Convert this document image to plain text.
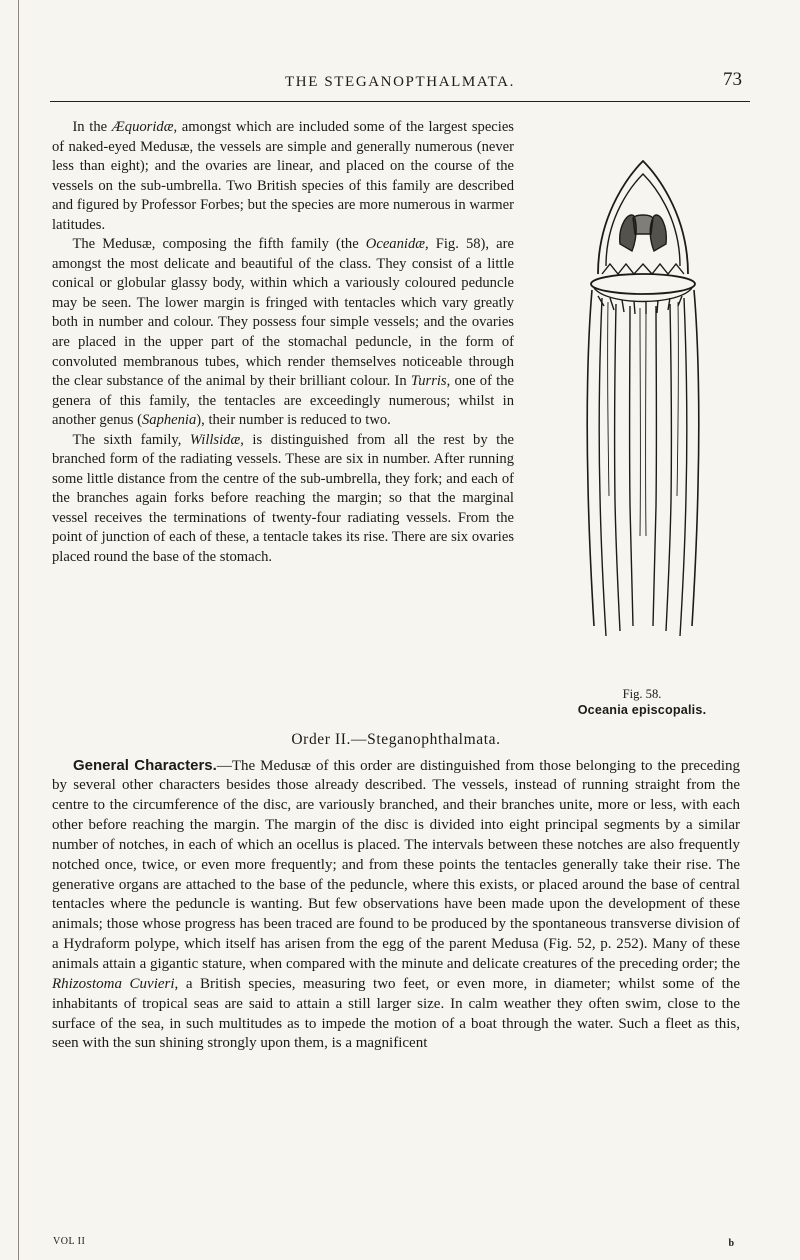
THE STEGANOPTHALMATA.	73
Fig. 58.
Oceania episcopalis.

In the Æquoridæ, amongst which are included some of the largest species of naked-eyed Medusæ, the vessels are simple and generally numerous (never less than eight); and the ovaries are linear, and placed on the course of the vessels on the sub-umbrella. Two British species of this family are described and figured by Professor Forbes; but the species are more numerous in warmer latitudes.

The Medusæ, composing the fifth family (the Oceanidæ, Fig. 58), are amongst the most delicate and beautiful of the class. They consist of a little conical or globular glassy body, within which a variously coloured peduncle may be seen. The lower margin is fringed with tentacles which vary greatly both in number and colour. They possess four simple vessels; and the ovaries are placed in the upper part of the stomachal peduncle, in the form of convoluted membranous tubes, which render themselves noticeable through the clear substance of the animal by their brilliant colour. In Turris, one of the genera of this family, the tentacles are exceedingly numerous; whilst in another genus (Saphenia), their number is reduced to two.

The sixth family, Willsidæ, is distinguished from all the rest by the branched form of the radiating vessels. These are six in number. After running some little distance from the centre of the sub-umbrella, they fork; and each of the branches again forks before reaching the margin; so that the marginal vessel receives the terminations of twenty-four radiating vessels. From the point of junction of each of these, a tentacle takes its rise. There are six ovaries placed round the base of the stomach.

Order II.—Steganophthalmata.

General Characters.—The Medusæ of this order are distinguished from those belonging to the preceding by several other characters besides those already described. The vessels, instead of running straight from the centre to the circumference of the disc, are variously branched, and their branches unite, more or less, with each other before reaching the margin. The margin of the disc is divided into eight principal segments by a similar number of notches, in each of which an ocellus is placed. The intervals between these notches are also frequently notched once, twice, or even more frequently; and from these points the tentacles generally take their rise. The generative organs are attached to the base of the peduncle, where this exists, or placed around the base of central tentacles where the peduncle is wanting. But few observations have been made upon the development of these animals; those whose progress has been traced are found to be produced by the spontaneous transverse division of a Hydraform polype, which itself has arisen from the egg of the parent Medusa (Fig. 52, p. 252). Many of these animals attain a gigantic stature, when compared with the minute and delicate creatures of the preceding order; the Rhizostoma Cuvieri, a British species, measuring two feet, or even more, in diameter; whilst some of the inhabitants of tropical seas are said to attain a still larger size. In calm weather they often swim, close to the surface of the sea, in such multitudes as to impede the motion of a boat through the water. Such a fleet as this, seen with the sun shining strongly upon them, is a magnificent

VOL II	b
